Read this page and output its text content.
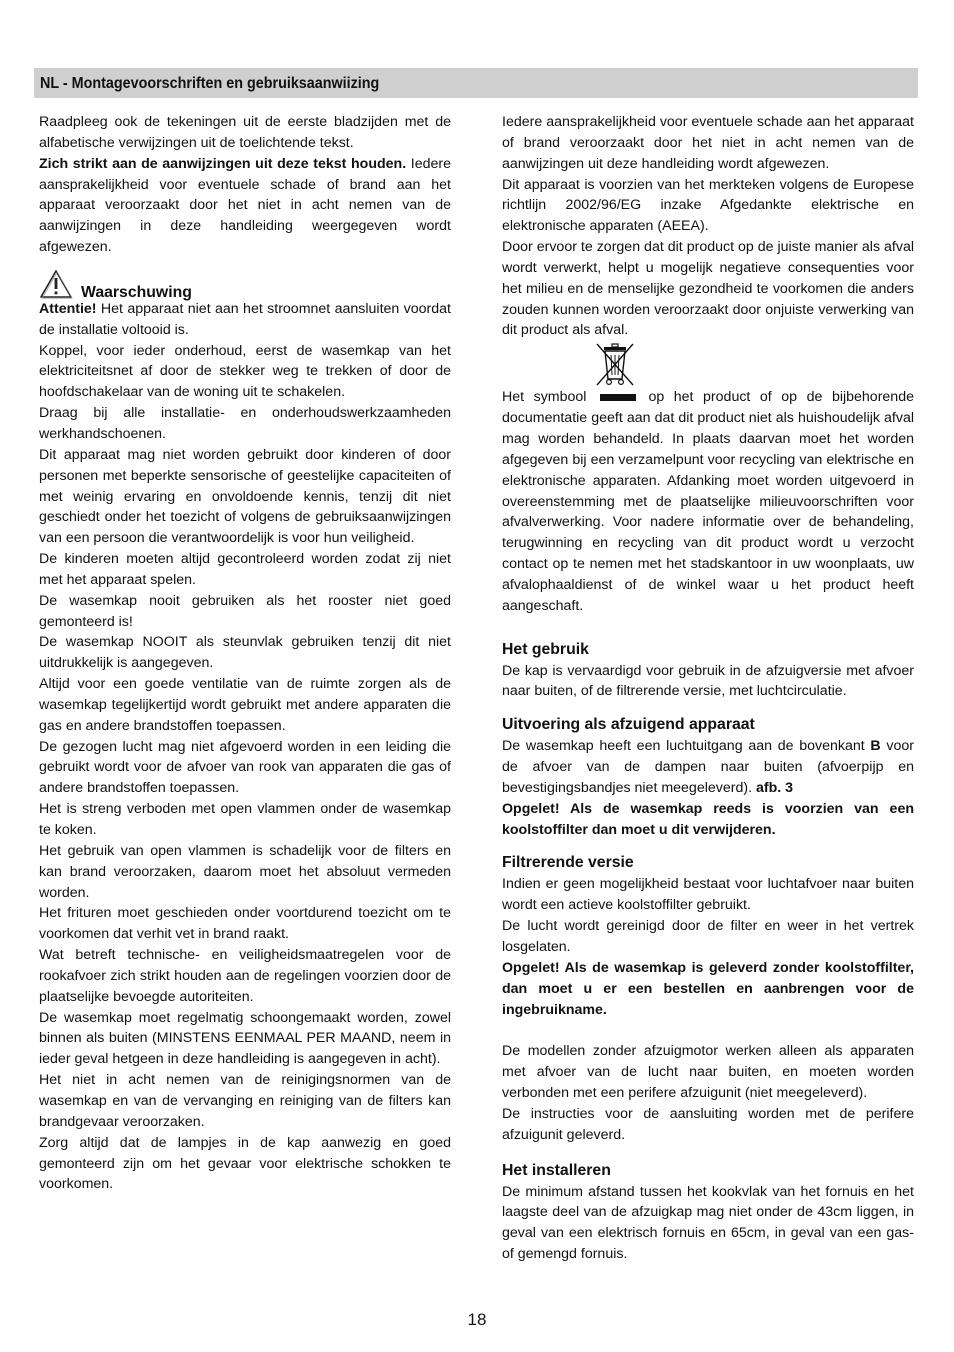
NL - Montagevoorschriften en gebruiksaanwiizing

Raadpleeg ook de tekeningen uit de eerste bladzijden met de alfabetische verwijzingen uit de toelichtende tekst.

Zich strikt aan de aanwijzingen uit deze tekst houden. Iedere aansprakelijkheid voor eventuele schade of brand aan het apparaat veroorzaakt door het niet in acht nemen van de aanwijzingen in deze handleiding weergegeven wordt afgewezen.

Waarschuwing

Attentie! Het apparaat niet aan het stroomnet aansluiten voordat de installatie voltooid is.

Koppel, voor ieder onderhoud, eerst de wasemkap van het elektriciteitsnet af door de stekker weg te trekken of door de hoofdschakelaar van de woning uit te schakelen.

Draag bij alle installatie- en onderhoudswerkzaamheden werkhandschoenen.

Dit apparaat mag niet worden gebruikt door kinderen of door personen met beperkte sensorische of geestelijke capaciteiten of met weinig ervaring en onvoldoende kennis, tenzij dit niet geschiedt onder het toezicht of volgens de gebruiksaanwijzingen van een persoon die verantwoordelijk is voor hun veiligheid.

De kinderen moeten altijd gecontroleerd worden zodat zij niet met het apparaat spelen.

De wasemkap nooit gebruiken als het rooster niet goed gemonteerd is!

De wasemkap NOOIT als steunvlak gebruiken tenzij dit niet uitdrukkelijk is aangegeven.

Altijd voor een goede ventilatie van de ruimte zorgen als de wasemkap tegelijkertijd wordt gebruikt met andere apparaten die gas en andere brandstoffen toepassen.

De gezogen lucht mag niet afgevoerd worden in een leiding die gebruikt wordt voor de afvoer van rook van apparaten die gas of andere brandstoffen toepassen.

Het is streng verboden met open vlammen onder de wasemkap te koken.

Het gebruik van open vlammen is schadelijk voor de filters en kan brand veroorzaken, daarom moet het absoluut vermeden worden.

Het frituren moet geschieden onder voortdurend toezicht om te voorkomen dat verhit vet in brand raakt.

Wat betreft technische- en veiligheidsmaatregelen voor de rookafvoer zich strikt houden aan de regelingen voorzien door de plaatselijke bevoegde autoriteiten.

De wasemkap moet regelmatig schoongemaakt worden, zowel binnen als buiten (MINSTENS EENMAAL PER MAAND, neem in ieder geval hetgeen in deze handleiding is aangegeven in acht).

Het niet in acht nemen van de reinigingsnormen van de wasemkap en van de vervanging en reiniging van de filters kan brandgevaar veroorzaken.

Zorg altijd dat de lampjes in de kap aanwezig en goed gemonteerd zijn om het gevaar voor elektrische schokken te voorkomen.

Iedere aansprakelijkheid voor eventuele schade aan het apparaat of brand veroorzaakt door het niet in acht nemen van de aanwijzingen uit deze handleiding wordt afgewezen.

Dit apparaat is voorzien van het merkteken volgens de Europese richtlijn 2002/96/EG inzake Afgedankte elektrische en elektronische apparaten (AEEA).

Door ervoor te zorgen dat dit product op de juiste manier als afval wordt verwerkt, helpt u mogelijk negatieve consequenties voor het milieu en de menselijke gezondheid te voorkomen die anders zouden kunnen worden veroorzaakt door onjuiste verwerking van dit product als afval.

Het symbool	op het product of op de bijbehorende documentatie geeft aan dat dit product niet als huishoudelijk afval mag worden behandeld. In plaats daarvan moet het worden afgegeven bij een verzamelpunt voor recycling van elektrische en elektronische apparaten. Afdanking moet worden uitgevoerd in overeenstemming met de plaatselijke milieuvoorschriften voor afvalverwerking. Voor nadere informatie over de behandeling, terugwinning en recycling van dit product wordt u verzocht contact op te nemen met het stadskantoor in uw woonplaats, uw afvalophaaldienst of de winkel waar u het product heeft aangeschaft.

Het gebruik

De kap is vervaardigd voor gebruik in de afzuigversie met afvoer naar buiten, of de filtrerende versie, met luchtcirculatie.

Uitvoering als afzuigend apparaat

De wasemkap heeft een luchtuitgang aan de bovenkant B voor de afvoer van de dampen naar buiten (afvoerpijp en bevestigingsbandjes niet meegeleverd). afb. 3

Opgelet! Als de wasemkap reeds is voorzien van een koolstoffilter dan moet u dit verwijderen.

Filtrerende versie

Indien er geen mogelijkheid bestaat voor luchtafvoer naar buiten wordt een actieve koolstoffilter gebruikt.

De lucht wordt gereinigd door de filter en weer in het vertrek losgelaten.

Opgelet! Als de wasemkap is geleverd zonder koolstoffilter, dan moet u er een bestellen en aanbrengen voor de ingebruikname.

De modellen zonder afzuigmotor werken alleen als apparaten met afvoer van de lucht naar buiten, en moeten worden verbonden met een perifere afzuigunit (niet meegeleverd).

De instructies voor de aansluiting worden met de perifere afzuigunit geleverd.

Het installeren

De minimum afstand tussen het kookvlak van het fornuis en het laagste deel van de afzuigkap mag niet onder de 43cm liggen, in geval van een elektrisch fornuis en 65cm, in geval van een gas- of gemengd fornuis.

18
